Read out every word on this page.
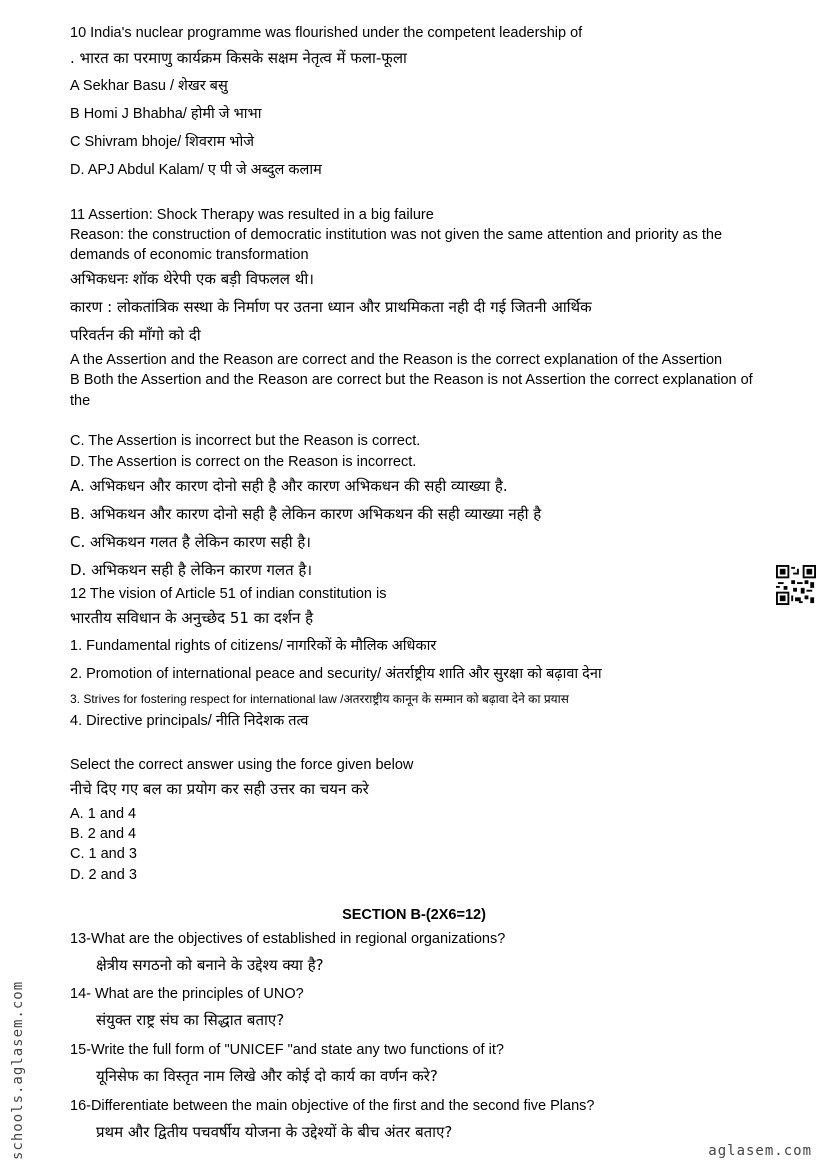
10 India's nuclear programme was flourished under the competent leadership of
. भारत का परमाणु कार्यक्रम किसके सक्षम नेतृत्व में फला-फूला
A Sekhar Basu / शेखर बसु
B Homi J Bhabha/ होमी जे भाभा
C Shivram bhoje/ शिवराम भोजे
D. APJ Abdul Kalam/ ए पी जे अब्दुल कलाम
11 Assertion: Shock Therapy was resulted in a big failure
Reason: the construction of democratic institution was not given the same attention and priority as the
demands of economic transformation
अभिकधनः शॉक थेरेपी एक बड़ी विफलल थी।
कारण : लोकतांत्रिक सस्था के निर्माण पर उतना ध्यान और प्राथमिकता नही दी गई जितनी आर्थिक
परिवर्तन की माँगो को दी
A the Assertion and the Reason are correct and the Reason is the correct explanation of the Assertion
B Both the Assertion and the Reason are correct but the Reason is not Assertion the correct explanation of
the
C. The Assertion is incorrect but the Reason is correct.
D. The Assertion is correct on the Reason is incorrect.
A. अभिकधन और कारण दोनो सही है और कारण अभिकधन की सही व्याख्या है.
B. अभिकथन और कारण दोनो सही है लेकिन कारण अभिकथन की सही व्याख्या नही है
C. अभिकथन गलत है लेकिन कारण सही है।
D. अभिकथन सही है लेकिन कारण गलत है।
12 The vision of Article 51 of indian constitution is
भारतीय सविधान के अनुच्छेद 51 का दर्शन है
1. Fundamental rights of citizens/ नागरिकों के मौलिक अधिकार
2. Promotion of international peace and security/ अंतर्राष्ट्रीय शाति और सुरक्षा को बढ़ावा देना
3. Strives for fostering respect for international law /अतरराष्ट्रीय कानून के सम्मान को बढ़ावा देने का प्रयास
4. Directive principals/ नीति निदेशक तत्व
Select the correct answer using the force given below
नीचे दिए गए बल का प्रयोग कर सही उत्तर का चयन करे
A. 1 and 4
B. 2 and 4
C. 1 and 3
D. 2 and 3
SECTION B-(2X6=12)
13-What are the objectives of established in regional organizations?
क्षेत्रीय सगठनो को बनाने के उद्देश्य क्या है?
14- What are the principles of UNO?
संयुक्त राष्ट्र संघ का सिद्धात बताए?
15-Write the full form of "UNICEF "and state any two functions of it?
यूनिसेफ का विस्तृत नाम लिखे और कोई दो कार्य का वर्णन करे?
16-Differentiate between the main objective of the first and the second five Plans?
प्रथम और द्वितीय पचवर्षीय योजना के उद्देश्यों के बीच अंतर बताए?
schools.aglasem.com	aglasem.com
